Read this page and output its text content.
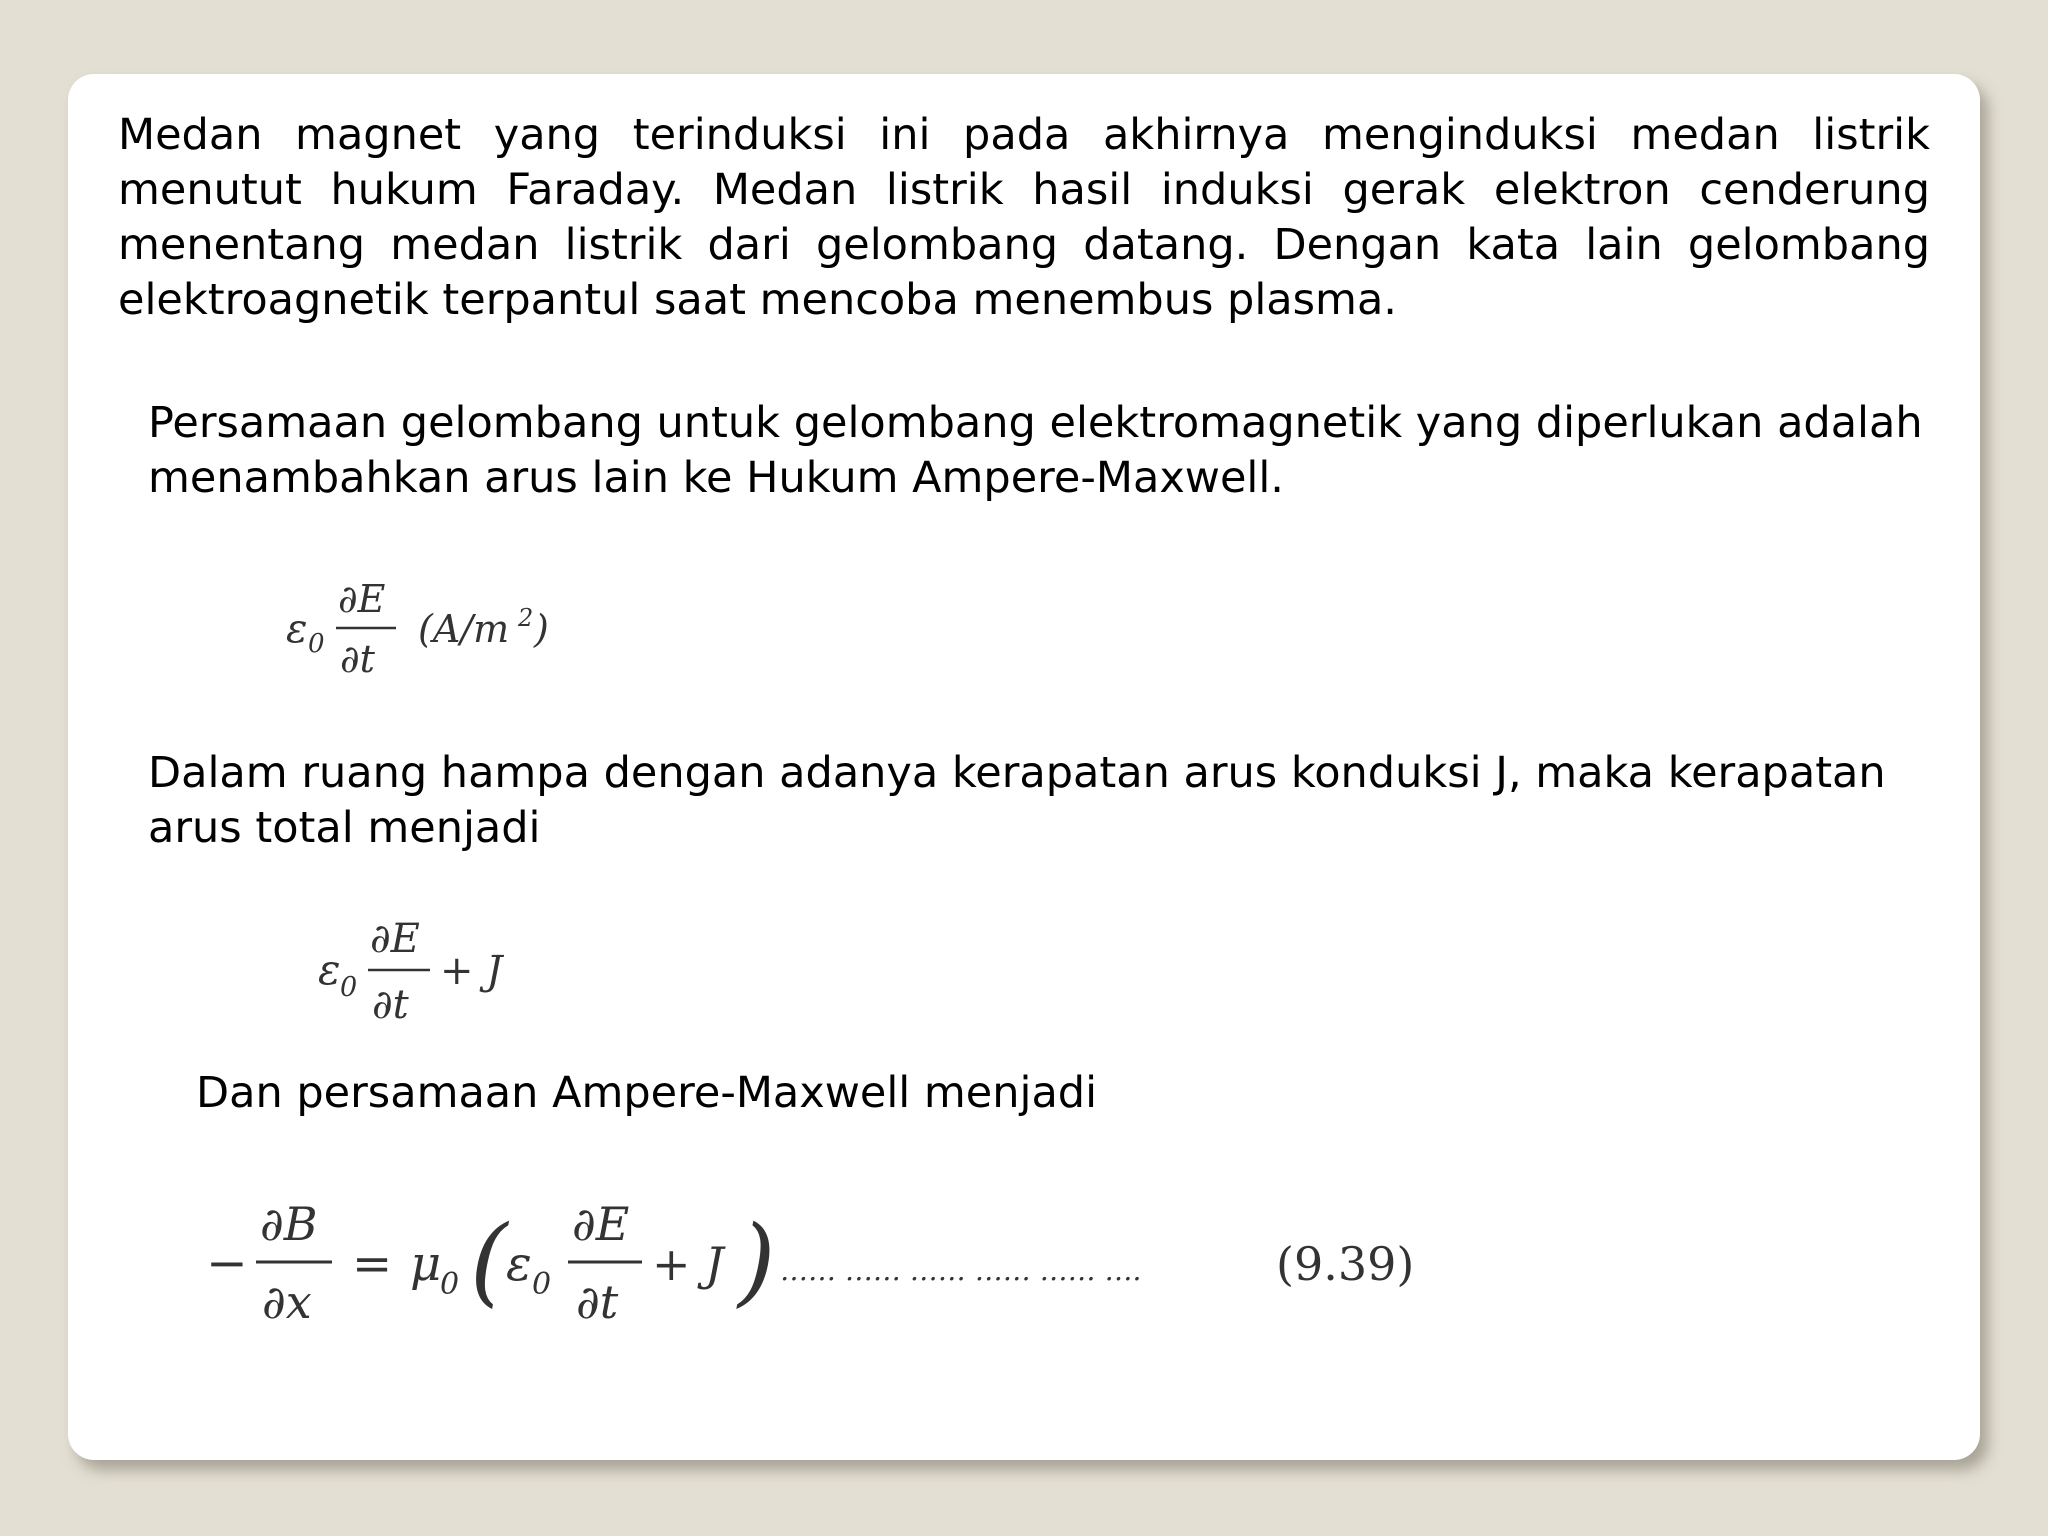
Medan magnet yang terinduksi ini pada akhirnya menginduksi medan listrik menutut hukum Faraday. Medan listrik hasil induksi gerak elektron cenderung menentang medan listrik dari gelombang datang. Dengan kata lain gelombang elektroagnetik terpantul saat mencoba menembus plasma.

Persamaan gelombang untuk gelombang elektromagnetik yang diperlukan adalah menambahkan arus lain ke Hukum Ampere-Maxwell.

ε 0
∂E
∂t
(A/m 2 )

Dalam ruang hampa dengan adanya kerapatan arus konduksi J, maka kerapatan arus total menjadi

ε 0
∂E
∂t
+ J

Dan persamaan Ampere-Maxwell menjadi

−
∂B
∂x
= μ
0 (
ε 0
∂E
∂t
+ J ) …… …… …… …… …… ….	(9.39)
